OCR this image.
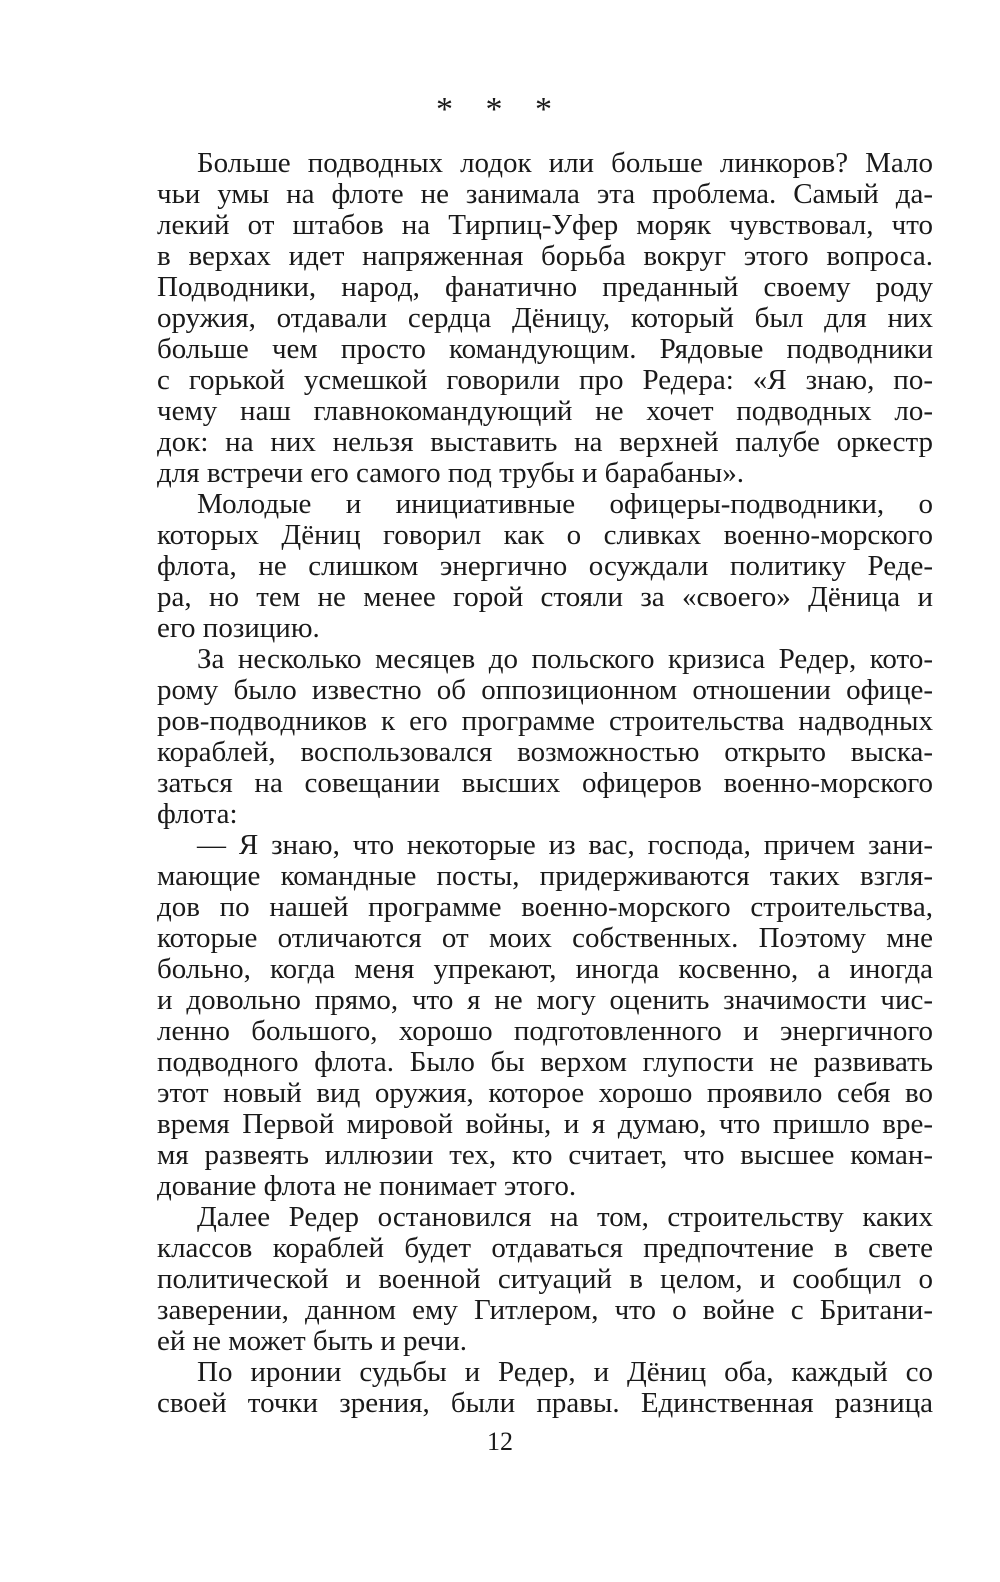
* * *

Больше подводных лодок или больше линкоров? Мало
чьи умы на флоте не занимала эта проблема. Самый да-
лекий от штабов на Тирпиц-Уфер моряк чувствовал, что
в верхах идет напряженная борьба вокруг этого вопроса.
Подводники, народ, фанатично преданный своему роду
оружия, отдавали сердца Дёницу, который был для них
больше чем просто командующим. Рядовые подводники
с горькой усмешкой говорили про Редера: «Я знаю, по-
чему наш главнокомандующий не хочет подводных ло-
док: на них нельзя выставить на верхней палубе оркестр
для встречи его самого под трубы и барабаны».

Молодые и инициативные офицеры-подводники, о
которых Дёниц говорил как о сливках военно-морского
флота, не слишком энергично осуждали политику Реде-
ра, но тем не менее горой стояли за «своего» Дёница и
его позицию.

За несколько месяцев до польского кризиса Редер, кото-
рому было известно об оппозиционном отношении офице-
ров-подводников к его программе строительства надводных
кораблей, воспользовался возможностью открыто выска-
заться на совещании высших офицеров военно-морского
флота:

— Я знаю, что некоторые из вас, господа, причем зани-
мающие командные посты, придерживаются таких взгля-
дов по нашей программе военно-морского строительства,
которые отличаются от моих собственных. Поэтому мне
больно, когда меня упрекают, иногда косвенно, а иногда
и довольно прямо, что я не могу оценить значимости чис-
ленно большого, хорошо подготовленного и энергичного
подводного флота. Было бы верхом глупости не развивать
этот новый вид оружия, которое хорошо проявило себя во
время Первой мировой войны, и я думаю, что пришло вре-
мя развеять иллюзии тех, кто считает, что высшее коман-
дование флота не понимает этого.

Далее Редер остановился на том, строительству каких
классов кораблей будет отдаваться предпочтение в свете
политической и военной ситуаций в целом, и сообщил о
заверении, данном ему Гитлером, что о войне с Британи-
ей не может быть и речи.

По иронии судьбы и Редер, и Дёниц оба, каждый со
своей точки зрения, были правы. Единственная разница

12
